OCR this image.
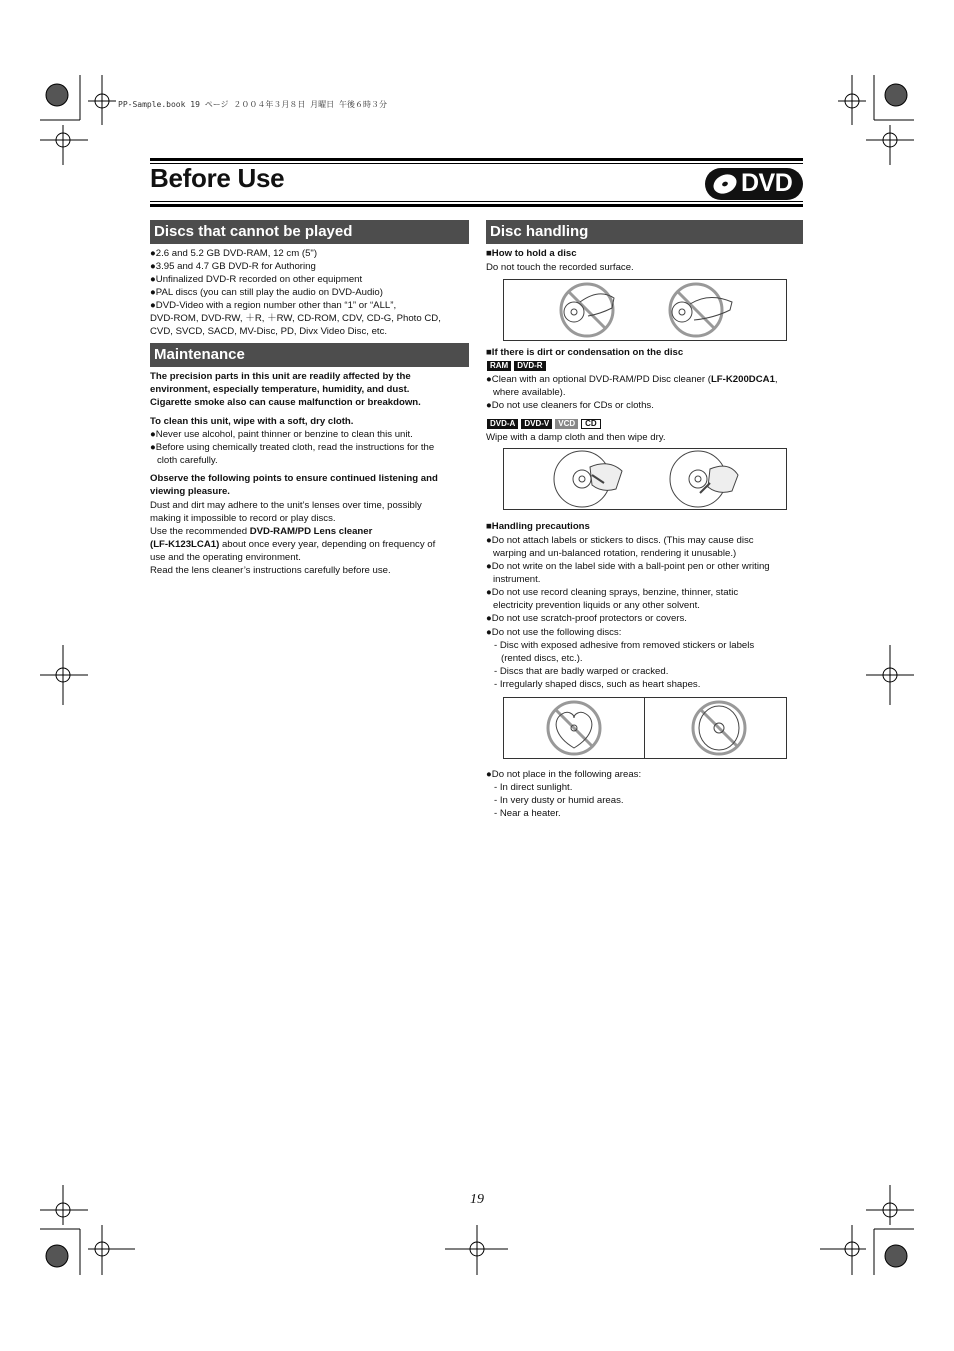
PP-Sample.book 19 ページ ２００４年３月８日 月曜日 午後６時３分
Before Use	DVD
Discs that cannot be played
●2.6 and 5.2 GB DVD-RAM, 12 cm (5")
●3.95 and 4.7 GB DVD-R for Authoring
●Unfinalized DVD-R recorded on other equipment
●PAL discs (you can still play the audio on DVD-Audio)
●DVD-Video with a region number other than “1” or “ALL”,
DVD-ROM, DVD-RW, ＋R, ＋RW, CD-ROM, CDV, CD-G, Photo CD,
CVD, SVCD, SACD, MV-Disc, PD, Divx Video Disc, etc.
Maintenance
The precision parts in this unit are readily affected by the
environment, especially temperature, humidity, and dust.
Cigarette smoke also can cause malfunction or breakdown.
To clean this unit, wipe with a soft, dry cloth.
●Never use alcohol, paint thinner or benzine to clean this unit.
●Before using chemically treated cloth, read the instructions for the
cloth carefully.
Observe the following points to ensure continued listening and
viewing pleasure.
Dust and dirt may adhere to the unit’s lenses over time, possibly
making it impossible to record or play discs.
Use the recommended DVD-RAM/PD Lens cleaner
(LF-K123LCA1) about once every year, depending on frequency of
use and the operating environment.
Read the lens cleaner’s instructions carefully before use.
Disc handling
■How to hold a disc
Do not touch the recorded surface.
■If there is dirt or condensation on the disc
RAM	DVD-R
●Clean with an optional DVD-RAM/PD Disc cleaner (LF-K200DCA1,
where available).
●Do not use cleaners for CDs or cloths.
DVD-A	DVD-V	VCD	CD
Wipe with a damp cloth and then wipe dry.
■Handling precautions
●Do not attach labels or stickers to discs. (This may cause disc
warping and un-balanced rotation, rendering it unusable.)
●Do not write on the label side with a ball-point pen or other writing
instrument.
●Do not use record cleaning sprays, benzine, thinner, static
electricity prevention liquids or any other solvent.
●Do not use scratch-proof protectors or covers.
●Do not use the following discs:
- Disc with exposed adhesive from removed stickers or labels
(rented discs, etc.).
- Discs that are badly warped or cracked.
- Irregularly shaped discs, such as heart shapes.
●Do not place in the following areas:
- In direct sunlight.
- In very dusty or humid areas.
- Near a heater.
19
